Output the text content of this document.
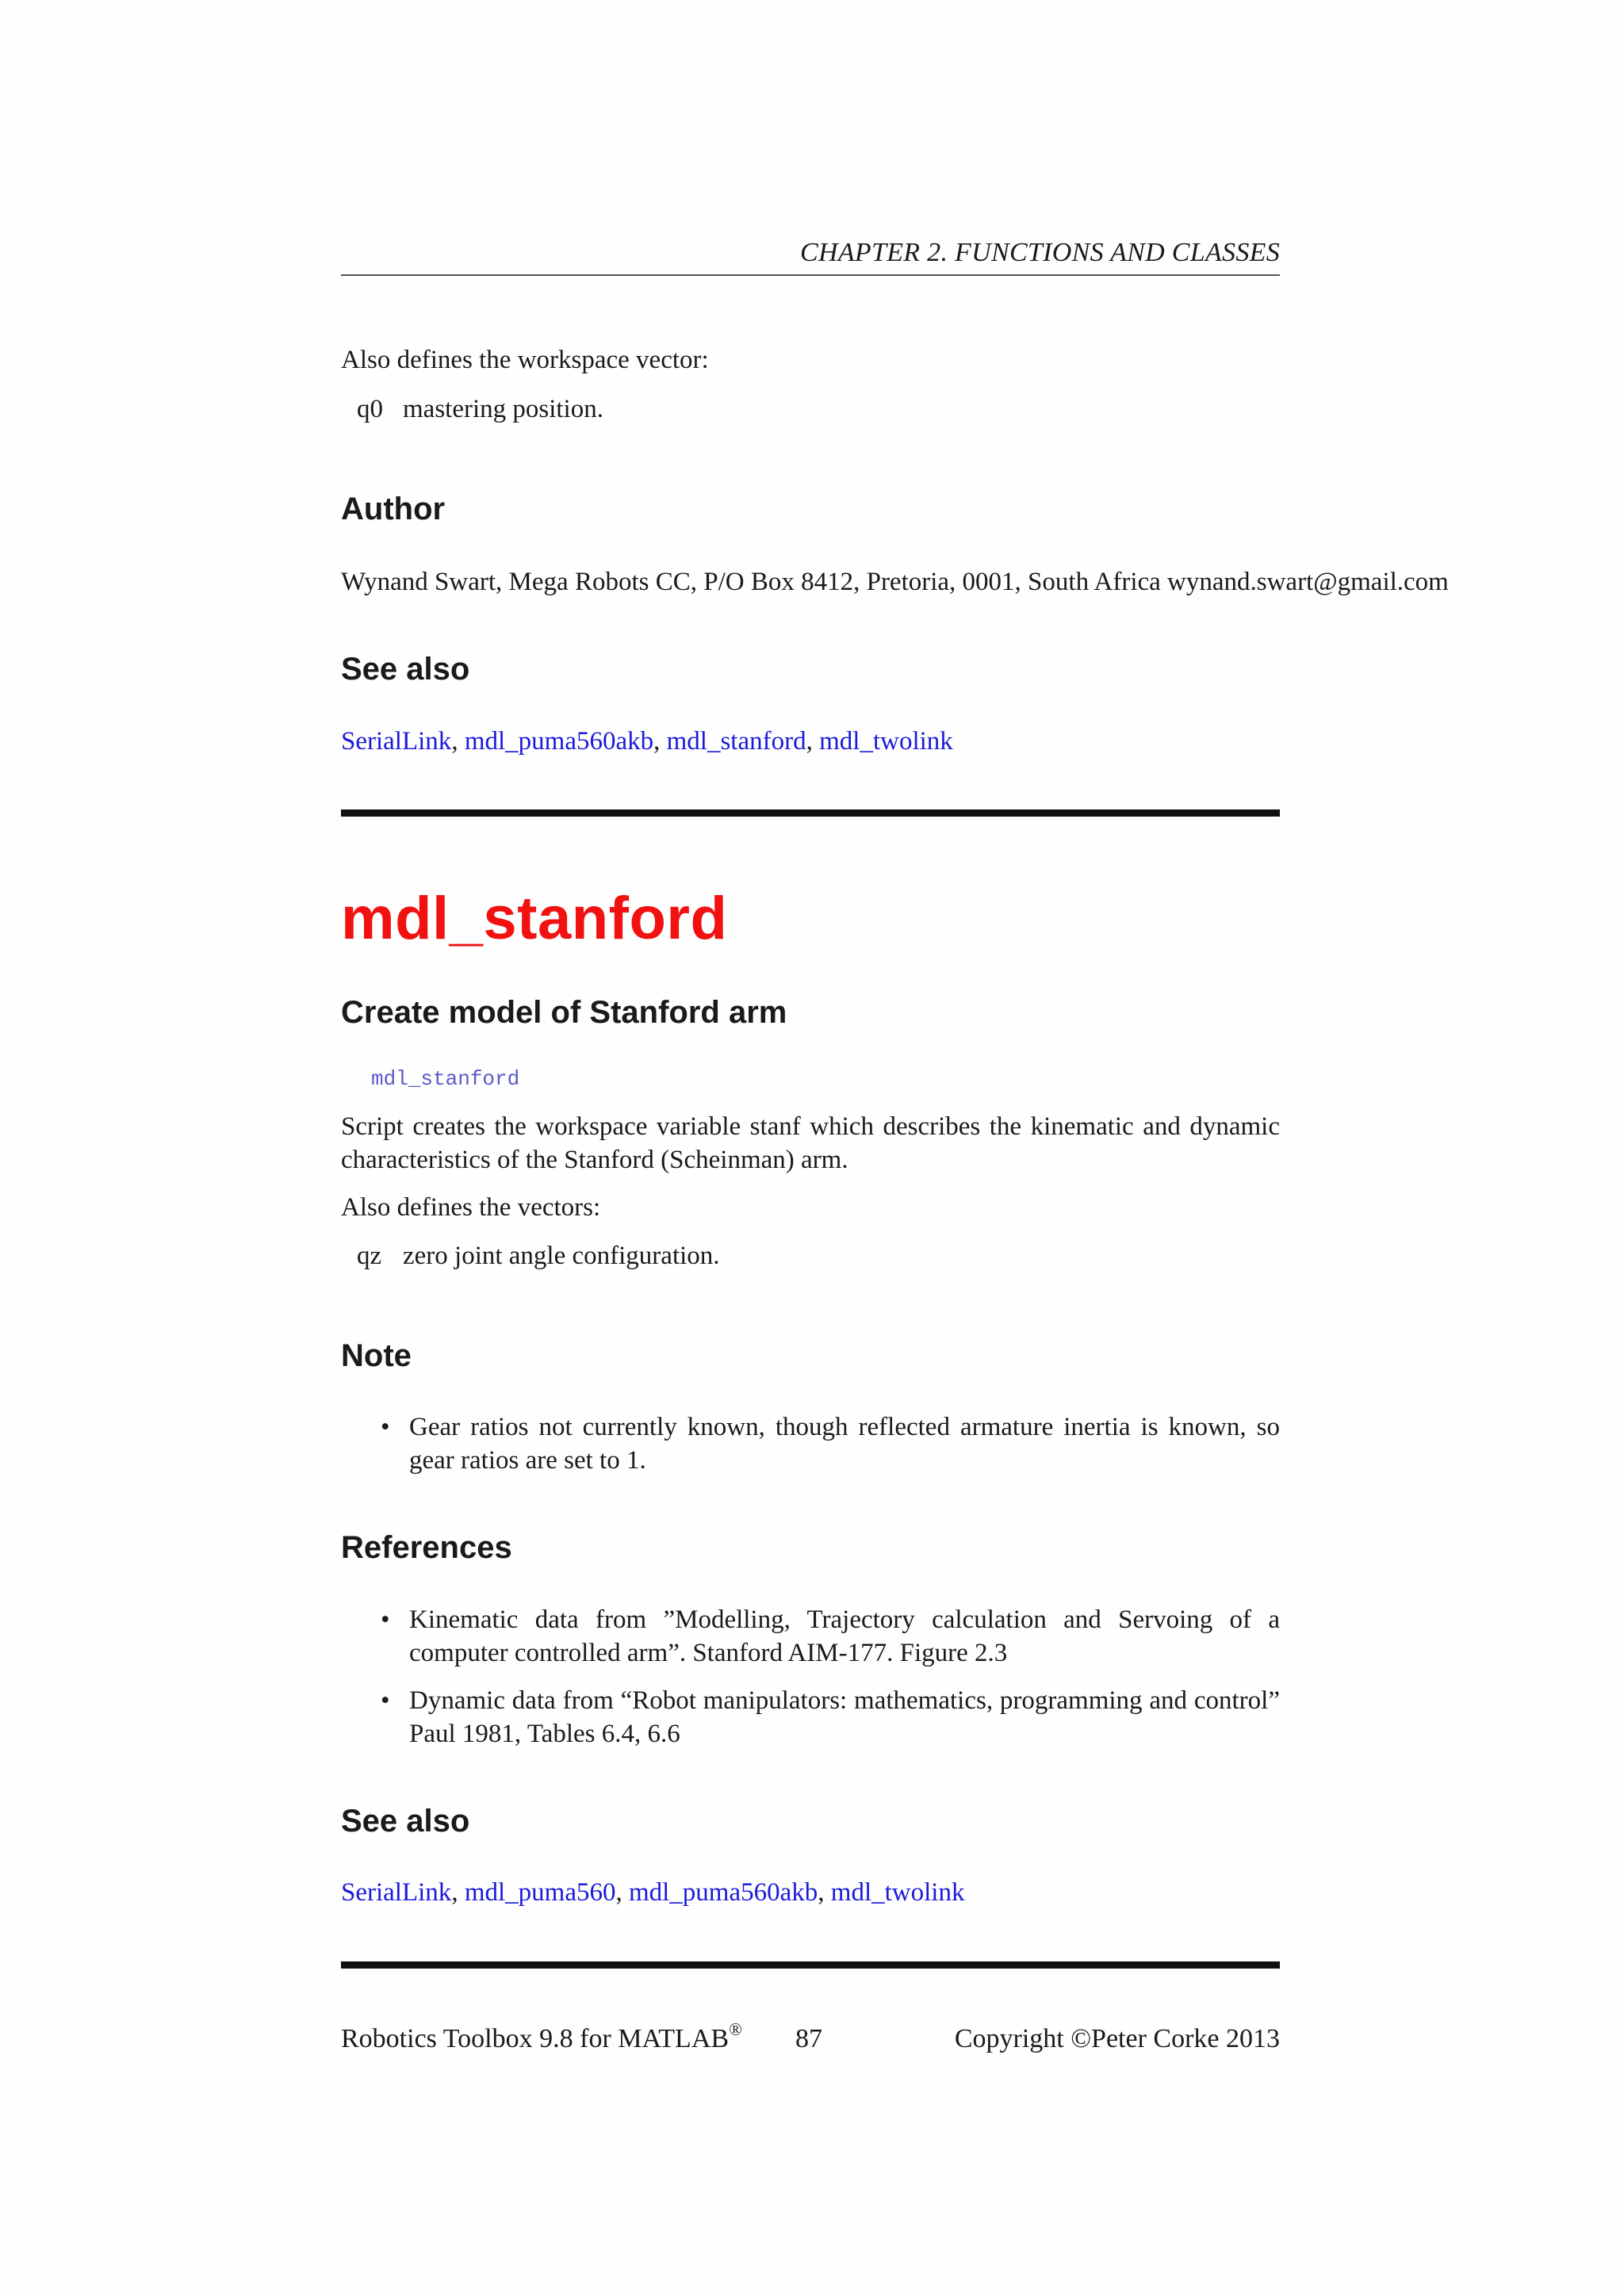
CHAPTER 2. FUNCTIONS AND CLASSES
Also defines the workspace vector:
q0 mastering position.
Author
Wynand Swart, Mega Robots CC, P/O Box 8412, Pretoria, 0001, South Africa wynand.swart@gmail.com
See also
SerialLink, mdl_puma560akb, mdl_stanford, mdl_twolink
mdl_stanford
Create model of Stanford arm
mdl_stanford
Script creates the workspace variable stanf which describes the kinematic and dynamic characteristics of the Stanford (Scheinman) arm.
Also defines the vectors:
qz zero joint angle configuration.
Note
• Gear ratios not currently known, though reflected armature inertia is known, so gear ratios are set to 1.
References
• Kinematic data from ”Modelling, Trajectory calculation and Servoing of a computer controlled arm”. Stanford AIM-177. Figure 2.3
• Dynamic data from “Robot manipulators: mathematics, programming and control” Paul 1981, Tables 6.4, 6.6
See also
SerialLink, mdl_puma560, mdl_puma560akb, mdl_twolink
Robotics Toolbox 9.8 for MATLAB® 87	Copyright ©Peter Corke 2013
